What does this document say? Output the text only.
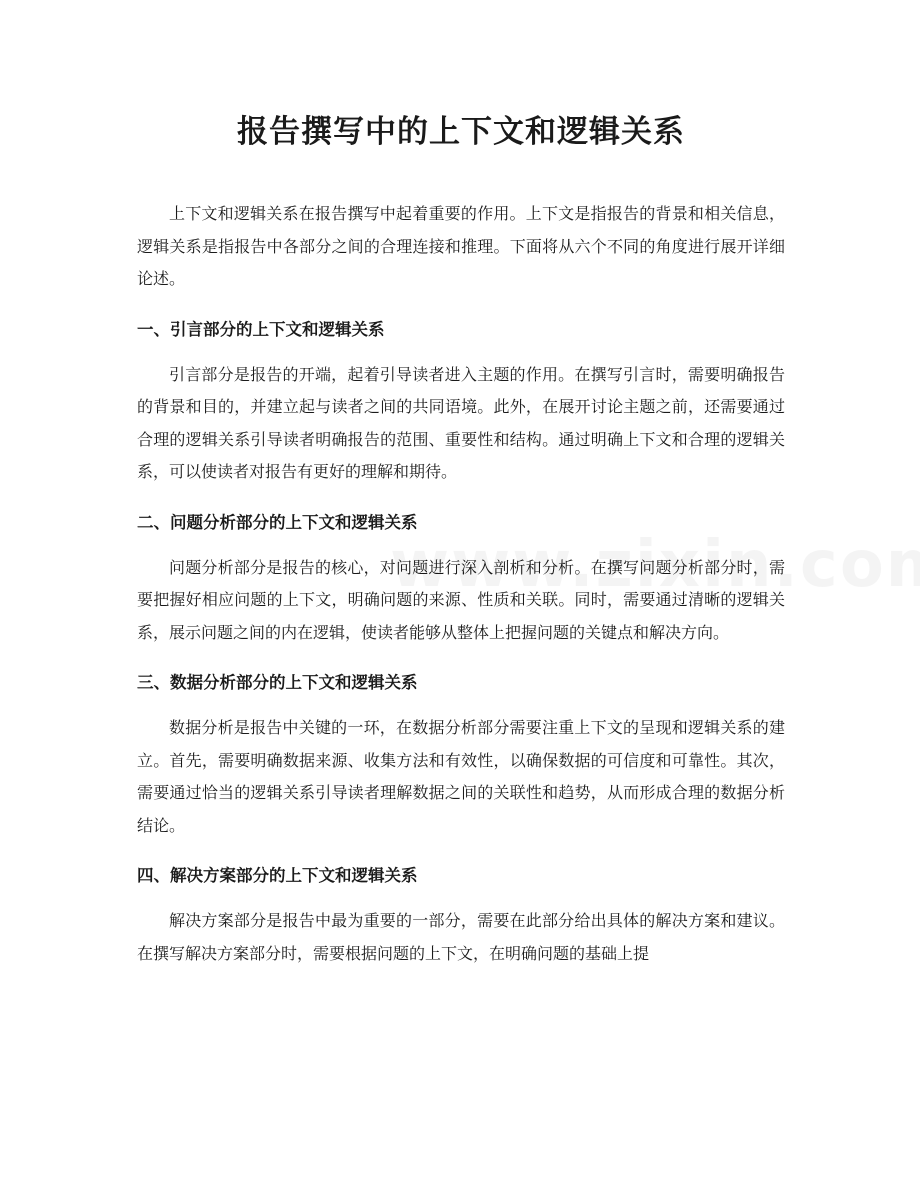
报告撰写中的上下文和逻辑关系

上下文和逻辑关系在报告撰写中起着重要的作用。上下文是指报告的背景和相关信息，逻辑关系是指报告中各部分之间的合理连接和推理。下面将从六个不同的角度进行展开详细论述。

一、引言部分的上下文和逻辑关系

引言部分是报告的开端，起着引导读者进入主题的作用。在撰写引言时，需要明确报告的背景和目的，并建立起与读者之间的共同语境。此外，在展开讨论主题之前，还需要通过合理的逻辑关系引导读者明确报告的范围、重要性和结构。通过明确上下文和合理的逻辑关系，可以使读者对报告有更好的理解和期待。

二、问题分析部分的上下文和逻辑关系

问题分析部分是报告的核心，对问题进行深入剖析和分析。在撰写问题分析部分时，需要把握好相应问题的上下文，明确问题的来源、性质和关联。同时，需要通过清晰的逻辑关系，展示问题之间的内在逻辑，使读者能够从整体上把握问题的关键点和解决方向。

三、数据分析部分的上下文和逻辑关系

数据分析是报告中关键的一环，在数据分析部分需要注重上下文的呈现和逻辑关系的建立。首先，需要明确数据来源、收集方法和有效性，以确保数据的可信度和可靠性。其次，需要通过恰当的逻辑关系引导读者理解数据之间的关联性和趋势，从而形成合理的数据分析结论。

四、解决方案部分的上下文和逻辑关系

解决方案部分是报告中最为重要的一部分，需要在此部分给出具体的解决方案和建议。在撰写解决方案部分时，需要根据问题的上下文，在明确问题的基础上提
